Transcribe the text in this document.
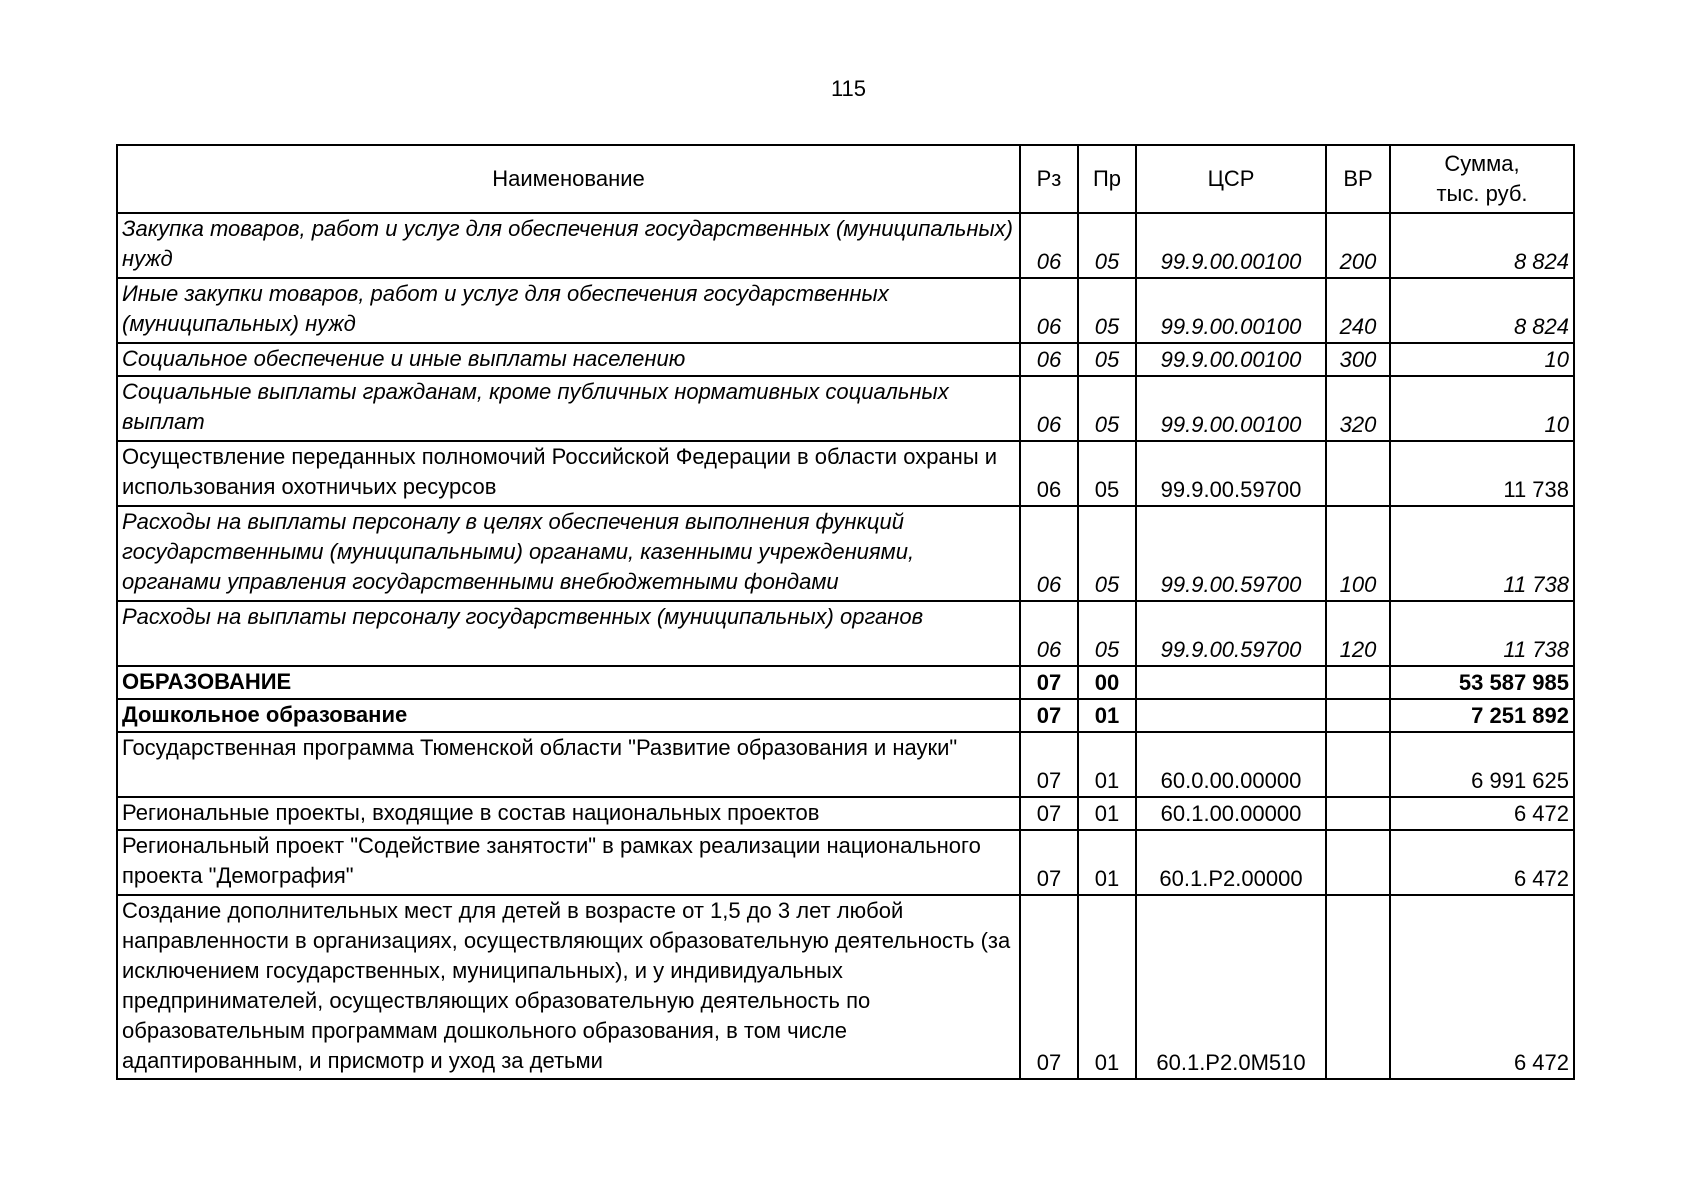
115
Наименование	Рз	Пр	ЦСР	ВР	Сумма,
тыс. руб.
Закупка товаров, работ и услуг для обеспечения государственных (муниципальных) нужд	06	05	99.9.00.00100	200	8 824
Иные закупки товаров, работ и услуг для обеспечения государственных (муниципальных) нужд	06	05	99.9.00.00100	240	8 824
Социальное обеспечение и иные выплаты населению	06	05	99.9.00.00100	300	10
Социальные выплаты гражданам, кроме публичных нормативных социальных выплат	06	05	99.9.00.00100	320	10
Осуществление переданных полномочий Российской Федерации в области охраны и использования охотничьих ресурсов	06	05	99.9.00.59700		11 738
Расходы на выплаты персоналу в целях обеспечения выполнения функций государственными (муниципальными) органами, казенными учреждениями, органами управления государственными внебюджетными фондами	06	05	99.9.00.59700	100	11 738
Расходы на выплаты персоналу государственных (муниципальных) органов	06	05	99.9.00.59700	120	11 738
ОБРАЗОВАНИЕ	07	00			53 587 985
Дошкольное образование	07	01			7 251 892
Государственная программа Тюменской области "Развитие образования и науки"	07	01	60.0.00.00000		6 991 625
Региональные проекты, входящие в состав национальных проектов	07	01	60.1.00.00000		6 472
Региональный проект "Содействие занятости" в рамках реализации национального проекта "Демография"	07	01	60.1.P2.00000		6 472
Создание дополнительных мест для детей в возрасте от 1,5 до 3 лет любой направленности в организациях, осуществляющих образовательную деятельность (за исключением государственных, муниципальных), и у индивидуальных предпринимателей, осуществляющих образовательную деятельность по образовательным программам дошкольного образования, в том числе адаптированным, и присмотр и уход за детьми	07	01	60.1.P2.0М510		6 472
